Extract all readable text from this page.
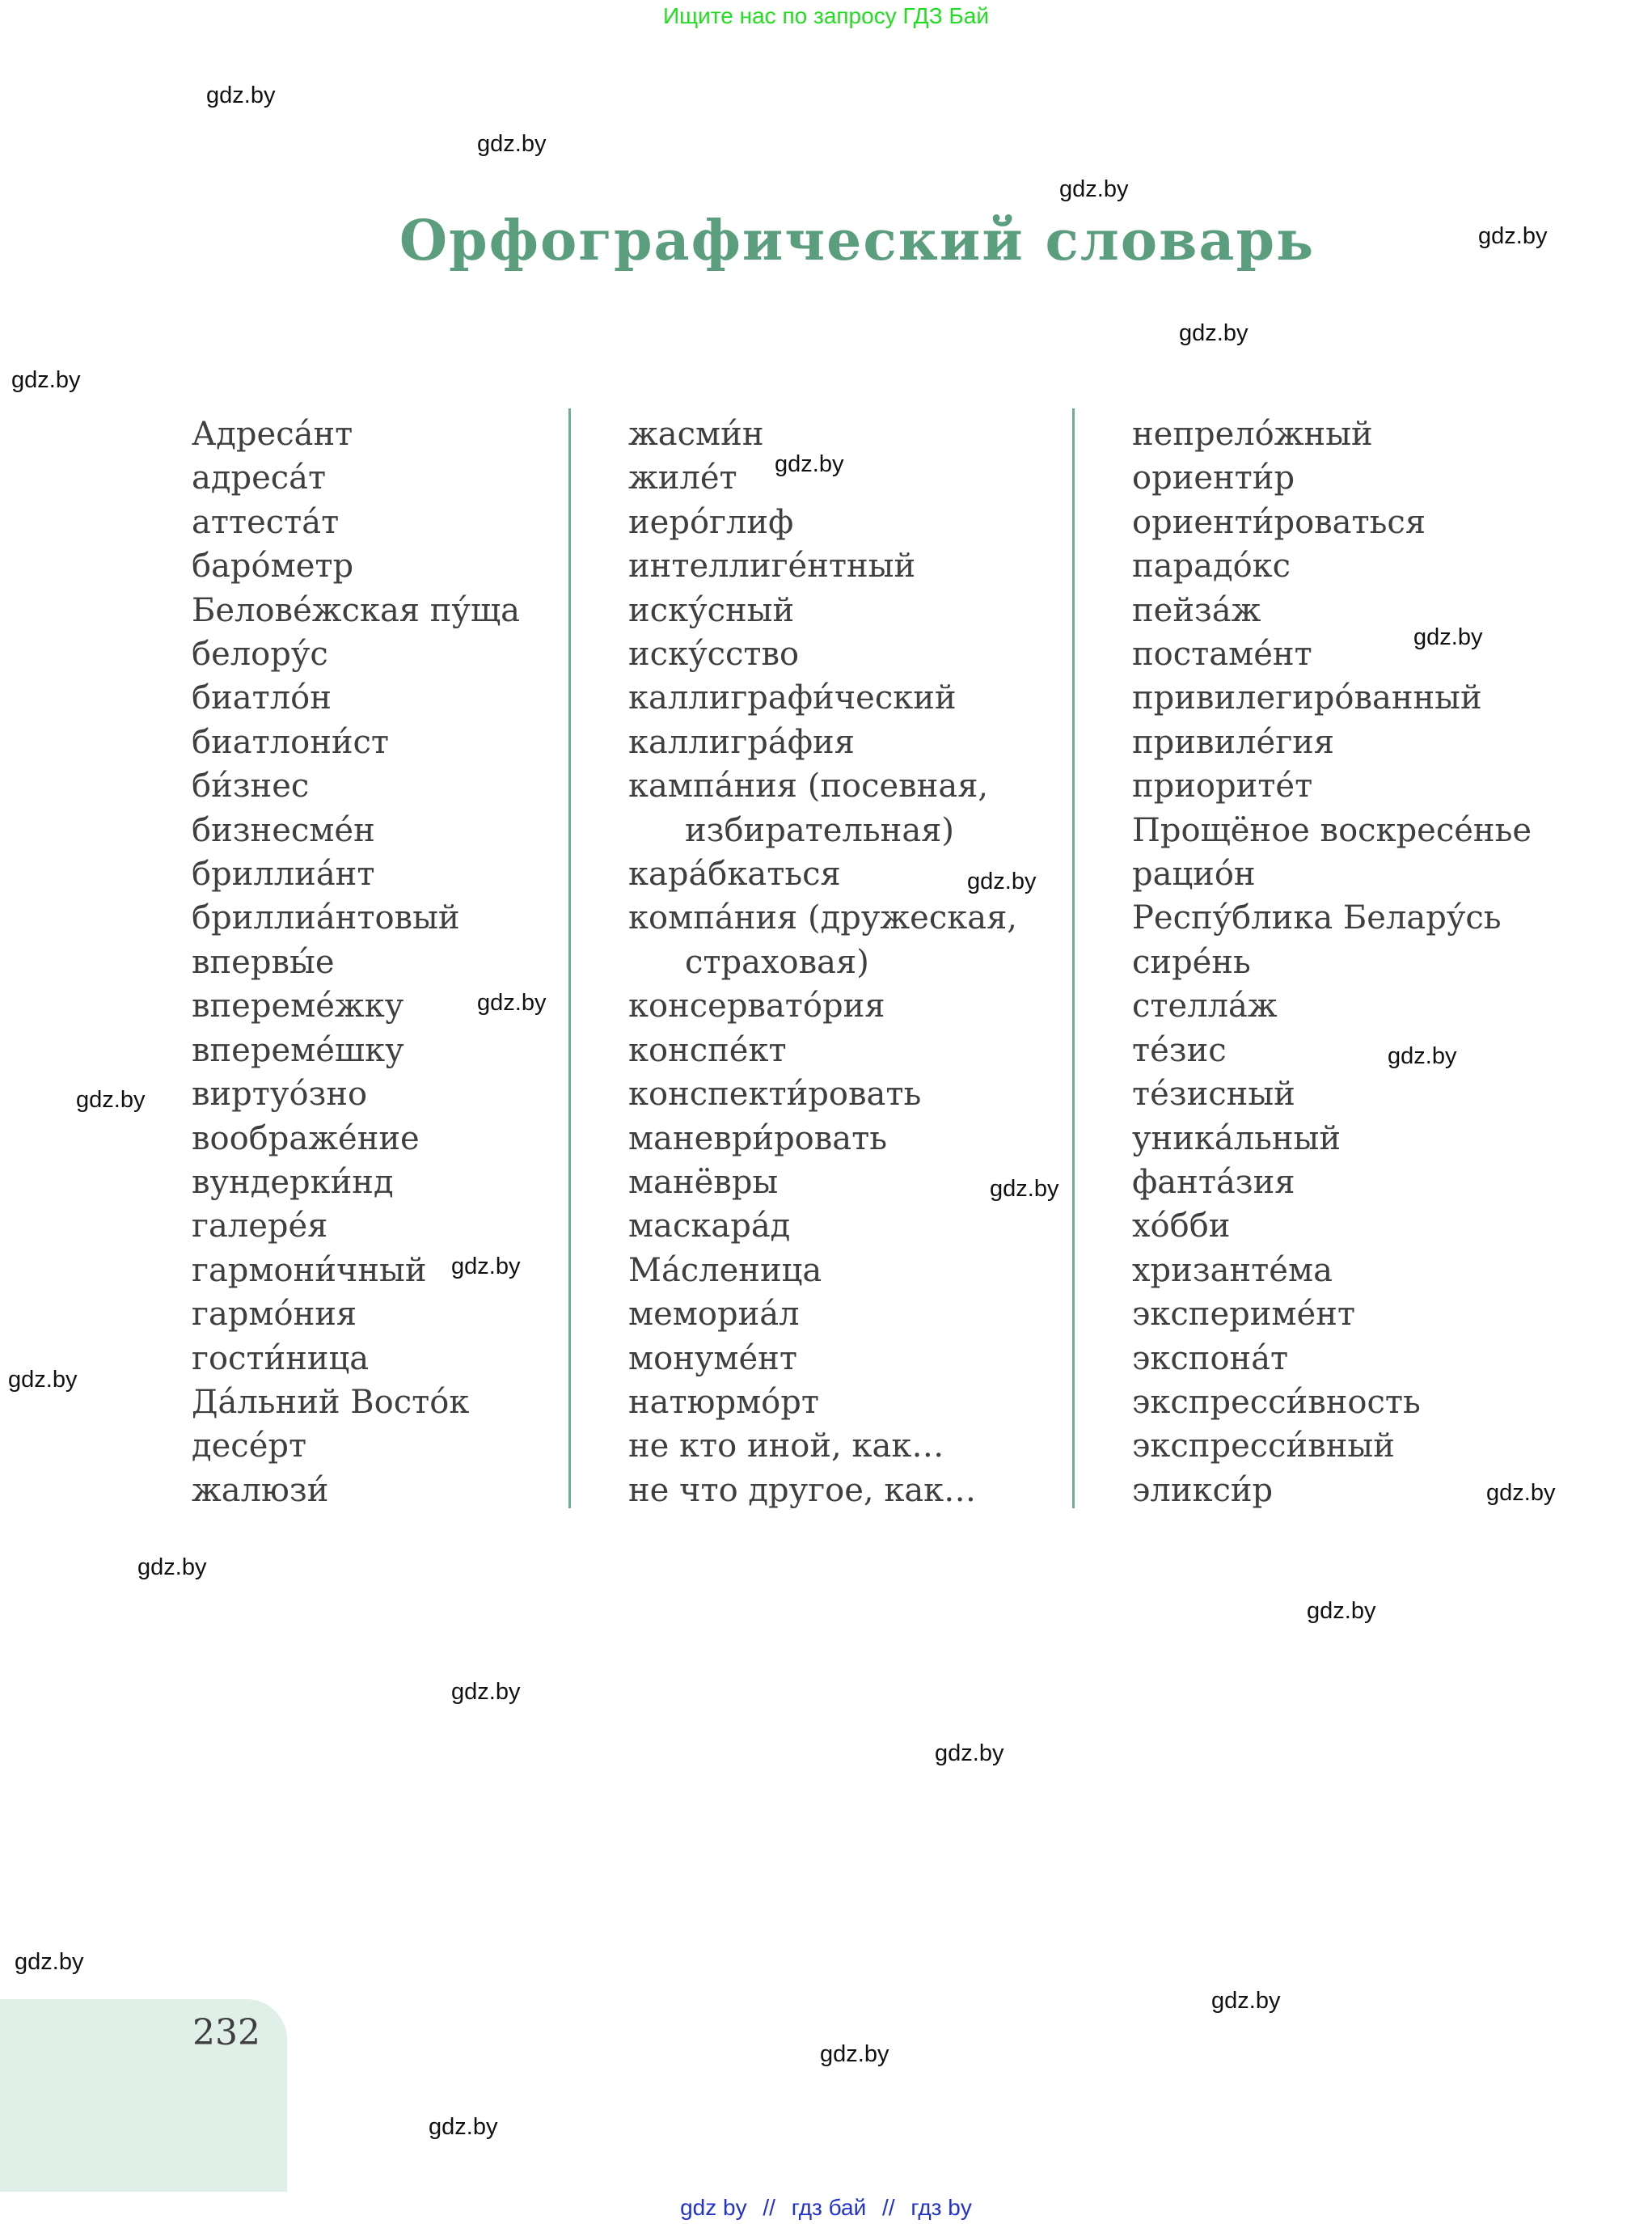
Ищите нас по запросу ГДЗ Бай
Орфографический словарь
Адреса́нт
адреса́т
аттеста́т
баро́метр
Белове́жская пу́ща
белору́с
биатло́н
биатлони́ст
би́знес
бизнесме́н
бриллиа́нт
бриллиа́нтовый
впервы́е
впереме́жку
впереме́шку
виртуо́зно
воображе́ние
вундерки́нд
галере́я
гармони́чный
гармо́ния
гости́ница
Да́льний Восто́к
десе́рт
жалюзи́
жасми́н
жиле́т
иеро́глиф
интеллиге́нтный
иску́сный
иску́сство
каллиграфи́ческий
каллигра́фия
кампа́ния (посевная,
избирательная)
кара́бкаться
компа́ния (дружеская,
страховая)
консервато́рия
конспе́кт
конспекти́ровать
маневри́ровать
манёвры
маскара́д
Ма́сленица
мемориа́л
монуме́нт
натюрмо́рт
не кто иной, как…
не что другое, как…
непрело́жный
ориенти́р
ориенти́роваться
парадо́кс
пейза́ж
постаме́нт
привилегиро́ванный
привиле́гия
приорите́т
Прощёное воскресе́нье
рацио́н
Респу́блика Белару́сь
сире́нь
стелла́ж
те́зис
те́зисный
уника́льный
фанта́зия
хо́бби
хризанте́ма
экспериме́нт
экспона́т
экспресси́вность
экспресси́вный
эликси́р
gdz.by
gdz.by
gdz.by
gdz.by
gdz.by
gdz.by
gdz.by
gdz.by
gdz.by
gdz.by
gdz.by
gdz.by
gdz.by
gdz.by
gdz.by
gdz.by
gdz.by
gdz.by
gdz.by
gdz.by
gdz.by
gdz.by
gdz.by
gdz.by
232
gdz by // гдз бай // гдз by
